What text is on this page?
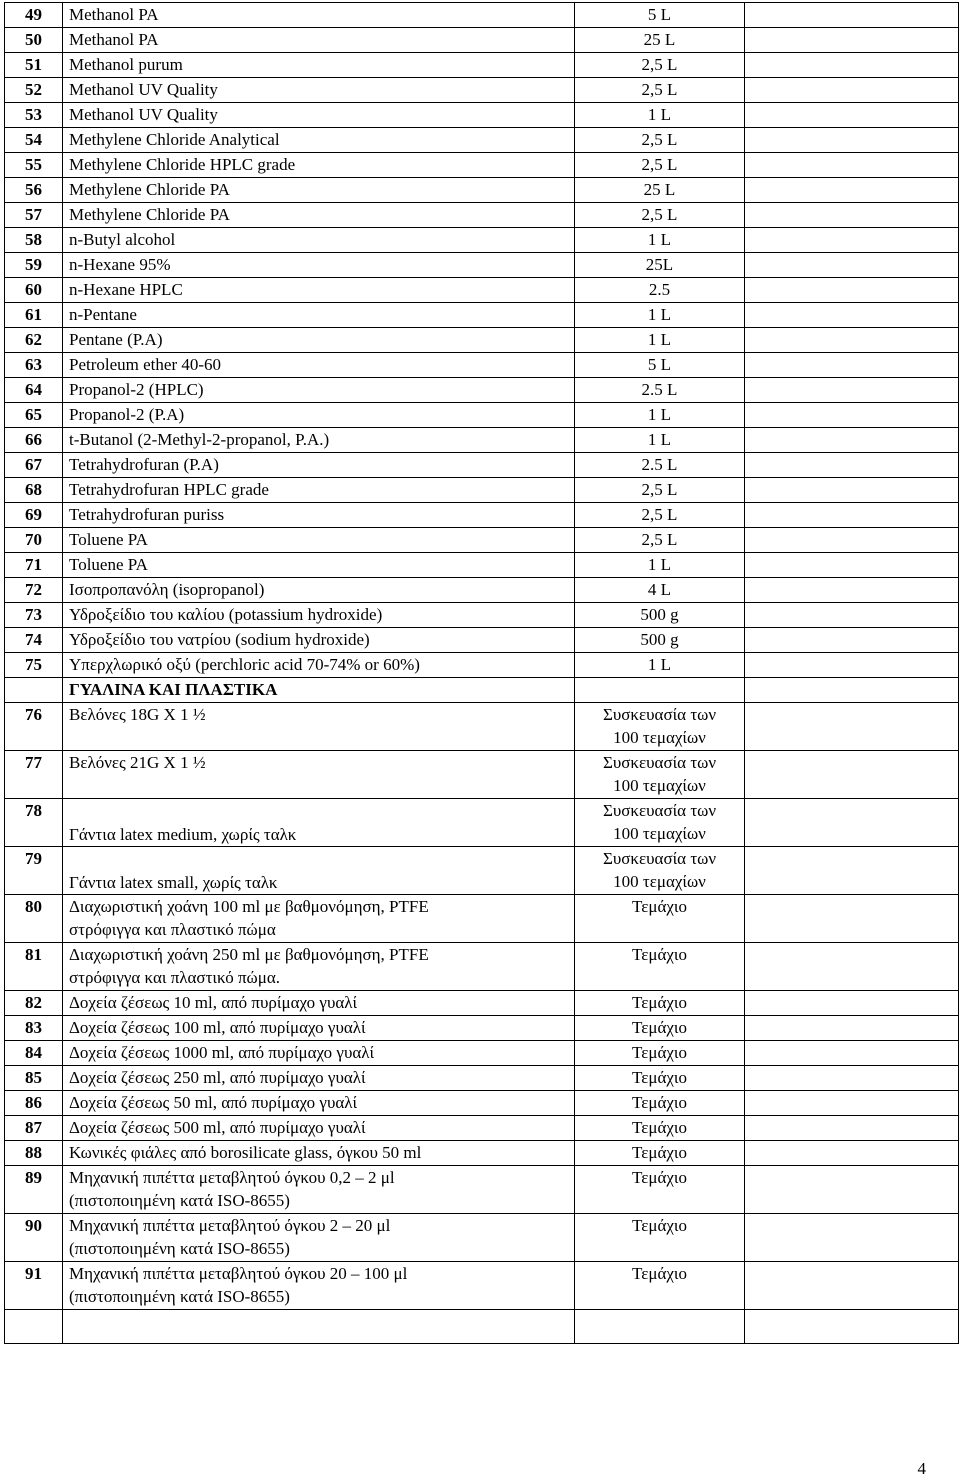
49	Methanol PA	5 L	
50	Methanol PA	25 L	
51	Methanol purum	2,5 L	
52	Methanol UV Quality	2,5 L	
53	Methanol UV Quality	1 L	
54	Methylene Chloride Analytical	2,5 L	
55	Methylene Chloride HPLC grade	2,5 L	
56	Methylene Chloride PA	25 L	
57	Methylene Chloride PA	2,5 L	
58	n-Butyl alcohol	1 L	
59	n-Hexane 95%	25L	
60	n-Hexane HPLC	2.5	
61	n-Pentane	1 L	
62	Pentane (P.A)	1 L	
63	Petroleum ether 40-60	5 L	
64	Propanol-2 (HPLC)	2.5 L	
65	Propanol-2 (P.A)	1 L	
66	t-Butanol (2-Methyl-2-propanol, P.A.)	1 L	
67	Tetrahydrofuran (P.A)	2.5 L	
68	Tetrahydrofuran HPLC grade	2,5 L	
69	Tetrahydrofuran puriss	2,5 L	
70	Toluene PA	2,5 L	
71	Toluene PA	1 L	
72	Ισοπροπανόλη (isopropanol)	4 L	
73	Υδροξείδιο του καλίου (potassium hydroxide)	500 g	
74	Υδροξείδιο του νατρίου (sodium hydroxide)	500 g	
75	Υπερχλωρικό οξύ (perchloric acid 70-74% or 60%)	1 L	
	ΓΥΑΛΙΝΑ ΚΑΙ ΠΛΑΣΤΙΚΑ		
76	Βελόνες 18G X 1 ½	Συσκευασία των
100 τεμαχίων	

77	Βελόνες 21G X 1 ½	Συσκευασία των
100 τεμαχίων	

78	Γάντια latex medium, χωρίς ταλκ	Συσκευασία των
100 τεμαχίων	

79	Γάντια latex small, χωρίς ταλκ	Συσκευασία των
100 τεμαχίων	

80	Διαχωριστική χοάνη 100 ml με βαθμονόμηση, PTFE
στρόφιγγα και πλαστικό πώμα	Τεμάχιο	
81	Διαχωριστική χοάνη 250 ml με βαθμονόμηση, PTFE
στρόφιγγα και πλαστικό πώμα.	Τεμάχιο	
82	Δοχεία ζέσεως 10 ml, από πυρίμαχο γυαλί	Τεμάχιο	
83	Δοχεία ζέσεως 100 ml, από πυρίμαχο γυαλί	Τεμάχιο	
84	Δοχεία ζέσεως 1000 ml, από πυρίμαχο γυαλί	Τεμάχιο	
85	Δοχεία ζέσεως 250 ml, από πυρίμαχο γυαλί	Τεμάχιο	
86	Δοχεία ζέσεως 50 ml, από πυρίμαχο γυαλί	Τεμάχιο	
87	Δοχεία ζέσεως 500 ml, από πυρίμαχο γυαλί	Τεμάχιο	
88	Κωνικές φιάλες από borosilicate glass, όγκου 50 ml	Τεμάχιο	
89	Μηχανική πιπέττα μεταβλητού όγκου 0,2 – 2 μl
(πιστοποιημένη κατά ISO-8655)	Τεμάχιο	
90	Μηχανική πιπέττα μεταβλητού όγκου 2 – 20 μl
(πιστοποιημένη κατά ISO-8655)	Τεμάχιο	
91	Μηχανική πιπέττα μεταβλητού όγκου 20 – 100 μl
(πιστοποιημένη κατά ISO-8655)	Τεμάχιο	

4
